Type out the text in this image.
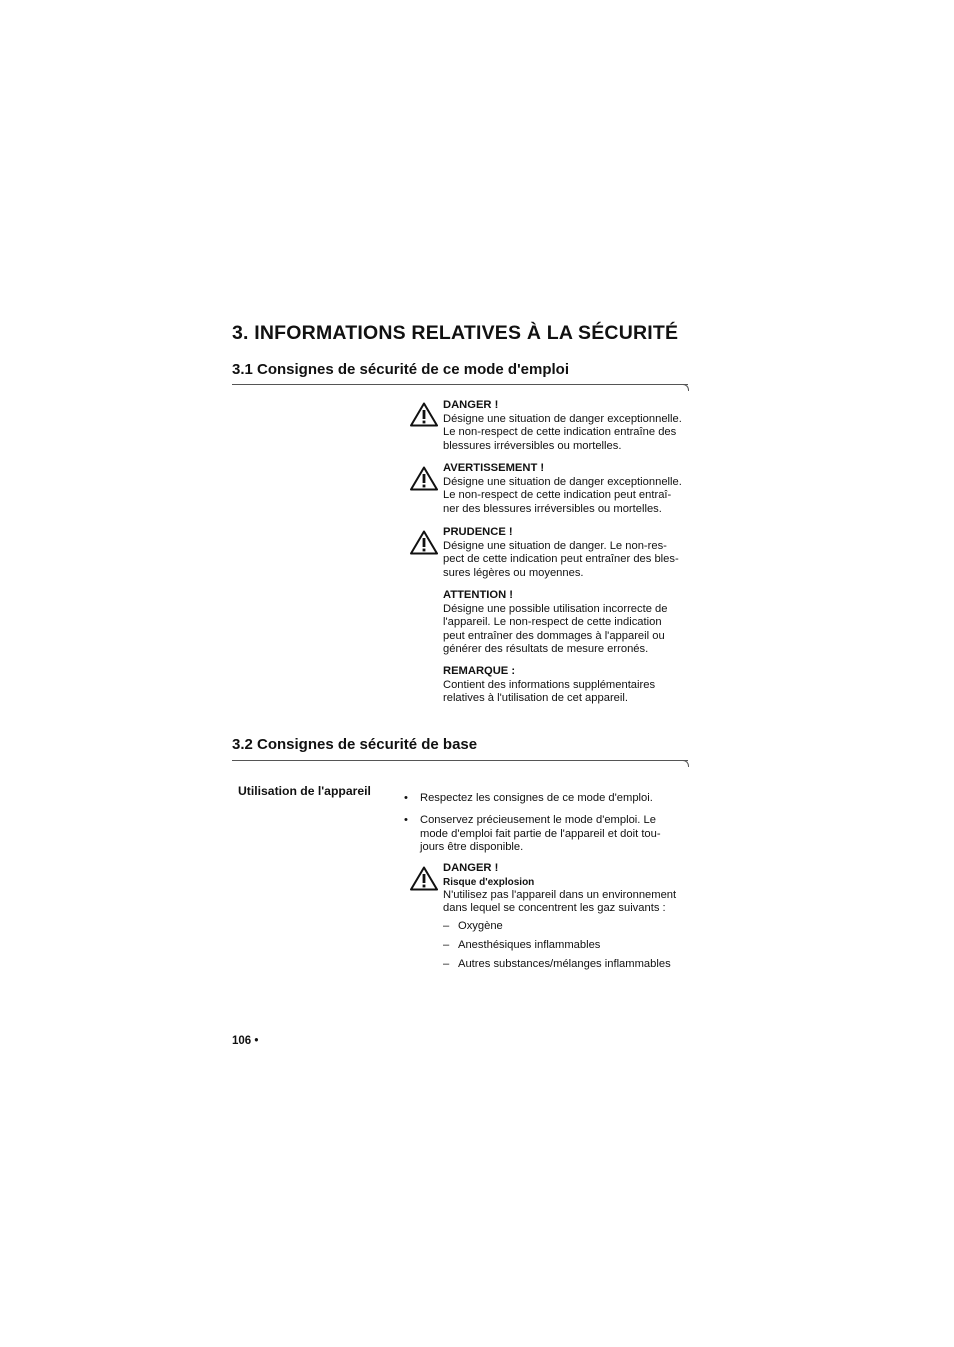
3. INFORMATIONS RELATIVES À LA SÉCURITÉ
3.1 Consignes de sécurité de ce mode d'emploi
DANGER !
Désigne une situation de danger exceptionnelle.
Le non-respect de cette indication entraîne des
blessures irréversibles ou mortelles.
AVERTISSEMENT !
Désigne une situation de danger exceptionnelle.
Le non-respect de cette indication peut entraî-
ner des blessures irréversibles ou mortelles.
PRUDENCE !
Désigne une situation de danger. Le non-res-
pect de cette indication peut entraîner des bles-
sures légères ou moyennes.
ATTENTION !
Désigne une possible utilisation incorrecte de
l'appareil. Le non-respect de cette indication
peut entraîner des dommages à l'appareil ou
générer des résultats de mesure erronés.
REMARQUE :
Contient des informations supplémentaires
relatives à l'utilisation de cet appareil.
3.2 Consignes de sécurité de base
Utilisation de l'appareil	• Respectez les consignes de ce mode d'emploi.
• Conservez précieusement le mode d'emploi. Le
mode d'emploi fait partie de l'appareil et doit tou-
jours être disponible.
DANGER !
Risque d'explosion
N'utilisez pas l'appareil dans un environnement
dans lequel se concentrent les gaz suivants :
– Oxygène
– Anesthésiques inflammables
– Autres substances/mélanges inflammables
106 •
